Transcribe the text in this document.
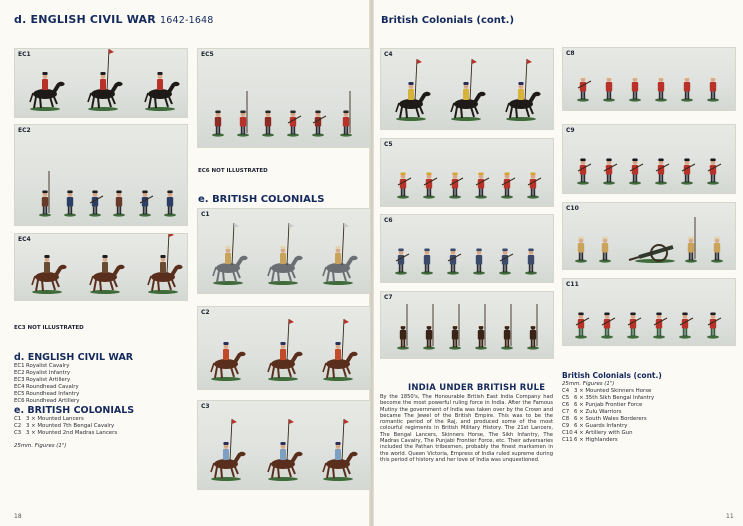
d. ENGLISH CIVIL WAR 1642-1648
EC1	EC5
EC2
EC4
EC6 NOT ILLUSTRATED
e. BRITISH COLONIALS
C1
C2
C3
EC3 NOT ILLUSTRATED
d. ENGLISH CIVIL WAR
EC1Royalist Cavalry
EC2Royalist Infantry
EC3Royalist Artillery
EC4Roundhead Cavalry
EC5Roundhead Infantry
EC6Roundhead Artillery
e. BRITISH COLONIALS
C1 3 × Mounted Lancers
C2 3 × Mounted 7th Bengal Cavalry
C3 3 × Mounted 2nd Madras Lancers
25mm. Figures (1")
18
British Colonials (cont.)
C4	C8
C9
C5
C6
C10
C7
C11
INDIA UNDER BRITISH RULE
By the 1850's, The Honourable British East India Company had become the most powerful ruling force in India. After the Famous Mutiny the government of India was taken over by the Crown and became The Jewel of the British Empire. This was to be the romantic period of the Raj, and produced some of the most colourful regiments in British Military History. The 21st Lancers, The Bengal Lancers, Skinners Horse, The Sikh Infantry, The Madras Cavalry, The Punjabi Frontier Force, etc. Their adversaries included the Pathan tribesmen, probably the finest marksmen in the world. Queen Victoria, Empress of India ruled supreme during this period of history and her love of India was unquestioned.
British Colonials (cont.)
25mm. Figures (1")
C4 3 × Mounted Skinners Horse
C5 6 × 35th Sikh Bengal Infantry
C6 6 × Punjab Frontier Force
C7 6 × Zulu Warriors
C8 6 × South Wales Borderers
C9 6 × Guards Infantry
C104 × Artillery with Gun
C116 × Highlanders
11
